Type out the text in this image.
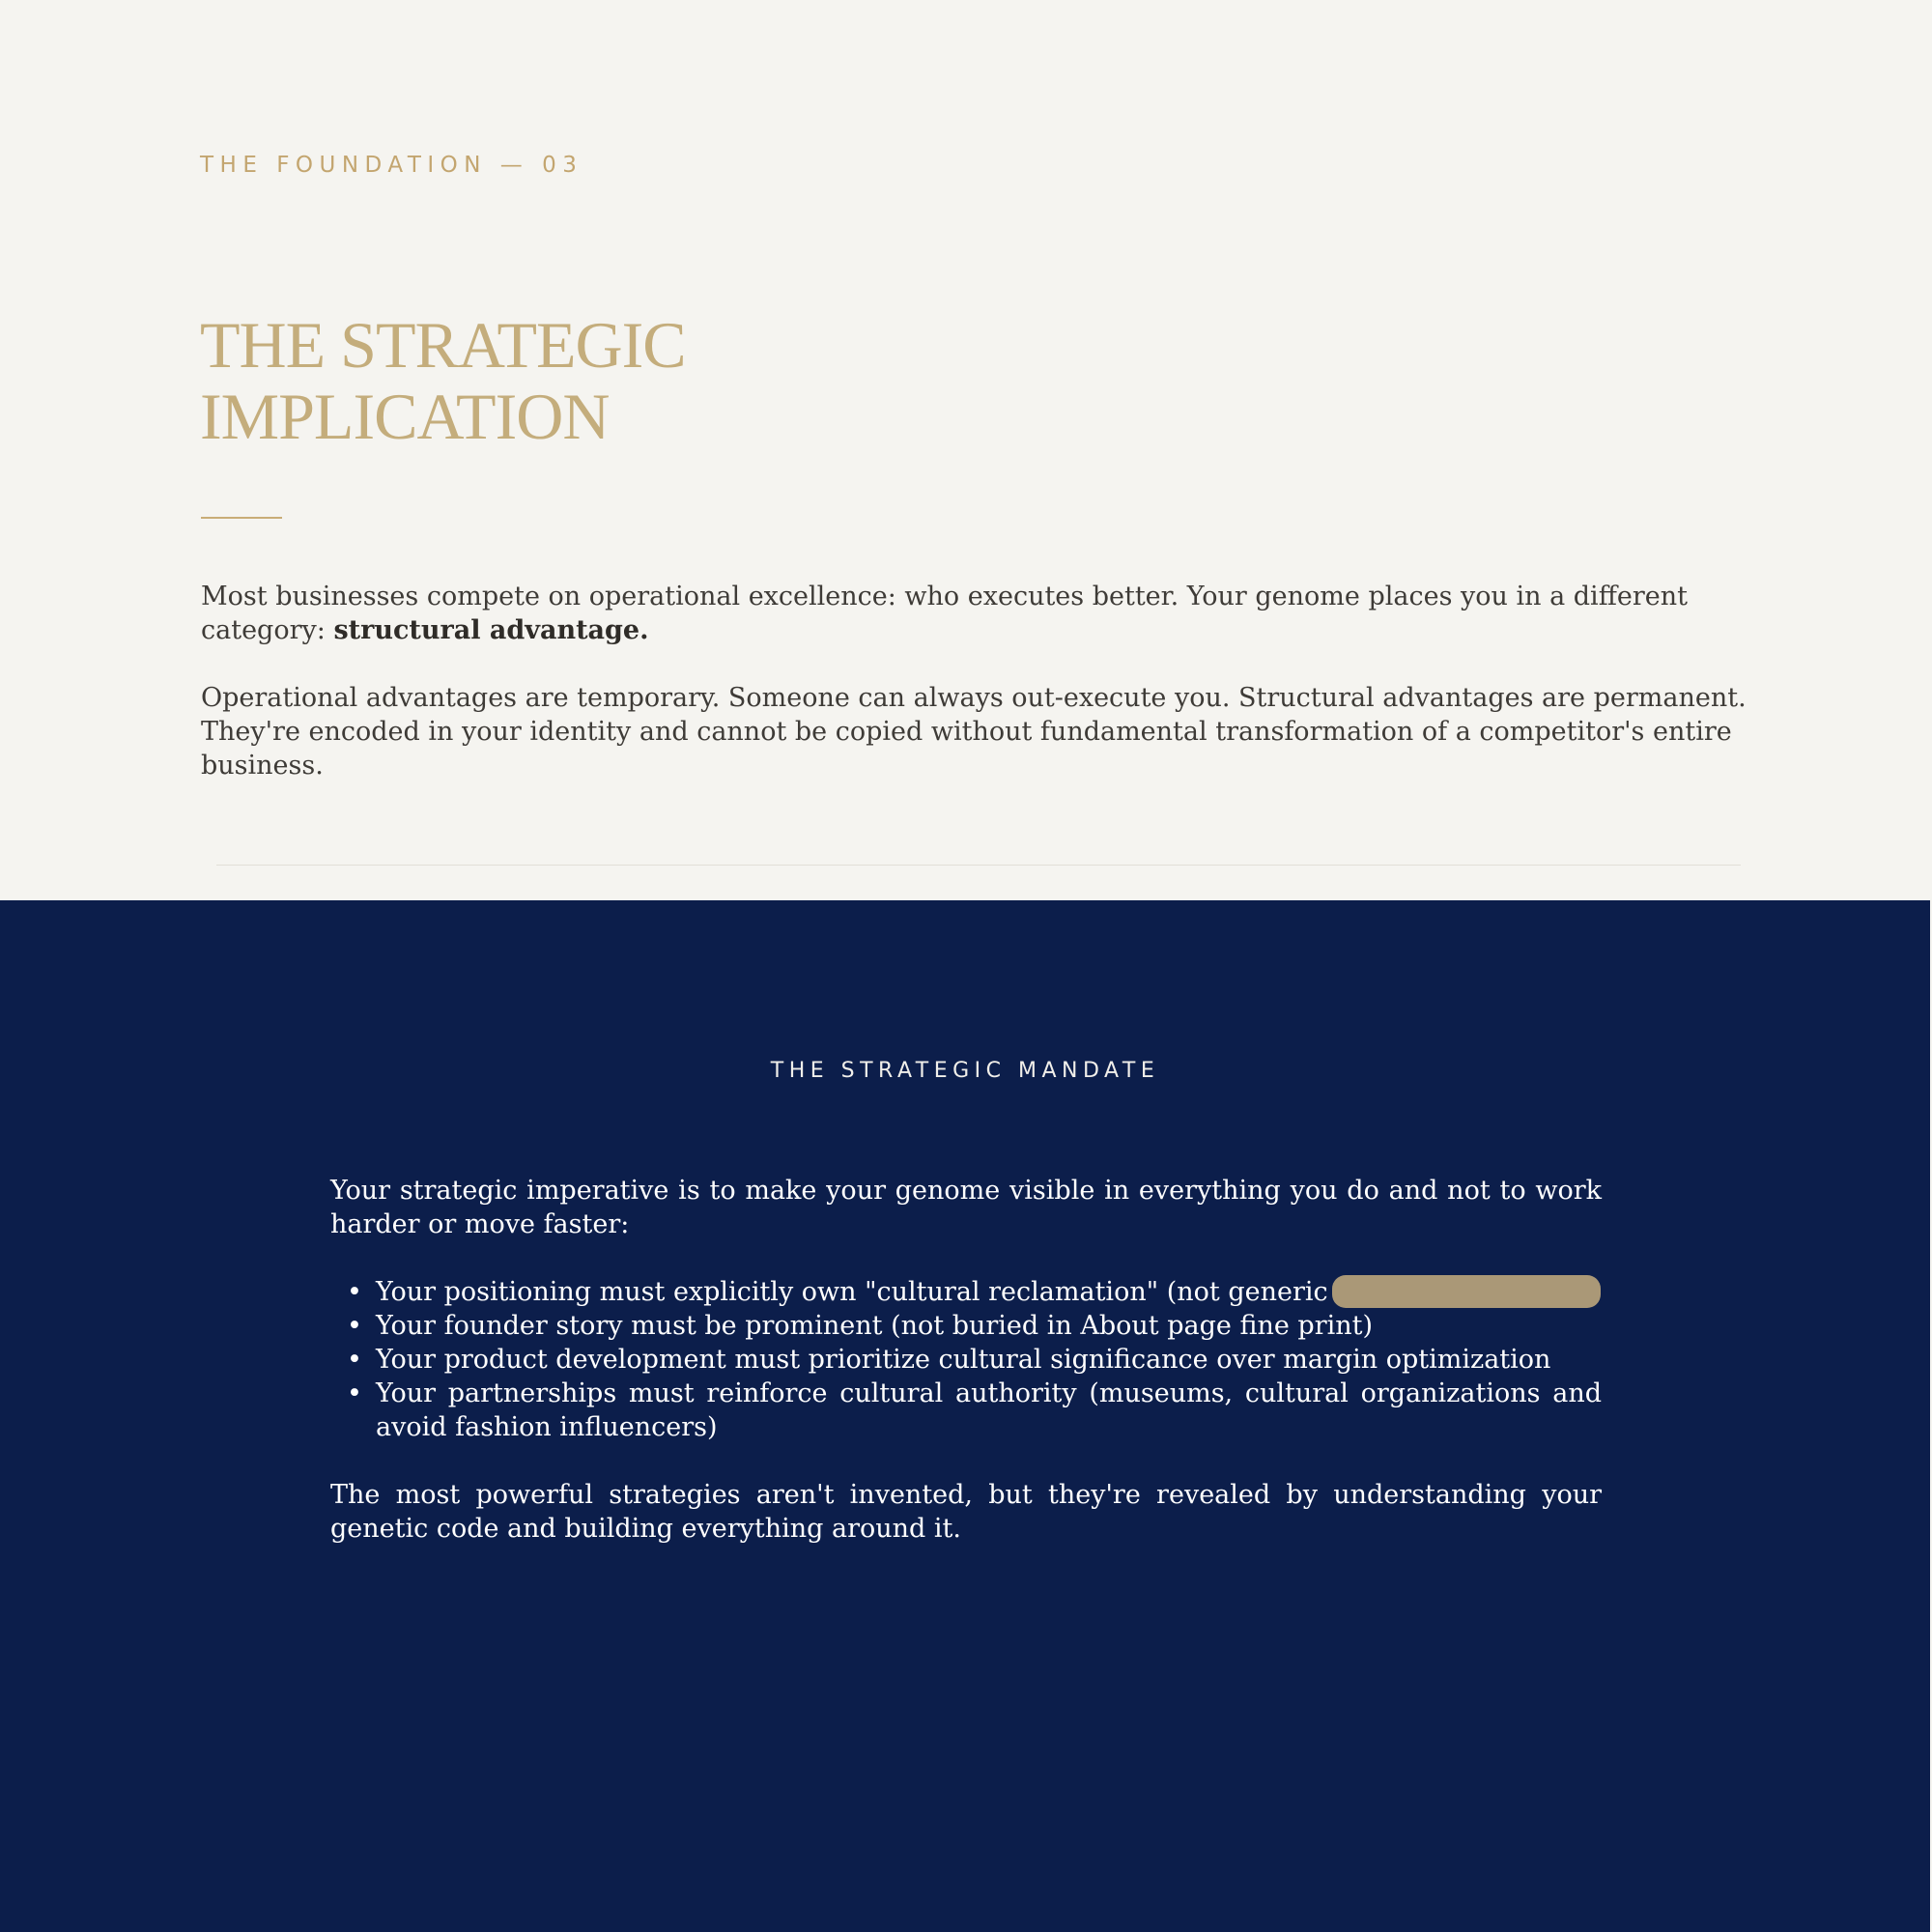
THE FOUNDATION — 03
THE STRATEGIC
IMPLICATION

Most businesses compete on operational excellence: who executes better. Your genome places you in a different category: structural advantage.

Operational advantages are temporary. Someone can always out-execute you. Structural advantages are permanent. They're encoded in your identity and cannot be copied without fundamental transformation of a competitor's entire business.

THE STRATEGIC MANDATE

Your strategic imperative is to make your genome visible in everything you do and not to work harder or move faster:

• Your positioning must explicitly own "cultural reclamation" (not generic
• Your founder story must be prominent (not buried in About page fine print)
• Your product development must prioritize cultural significance over margin optimization
• Your partnerships must reinforce cultural authority (museums, cultural organizations and avoid fashion influencers)

The most powerful strategies aren't invented, but they're revealed by understanding your genetic code and building everything around it.
